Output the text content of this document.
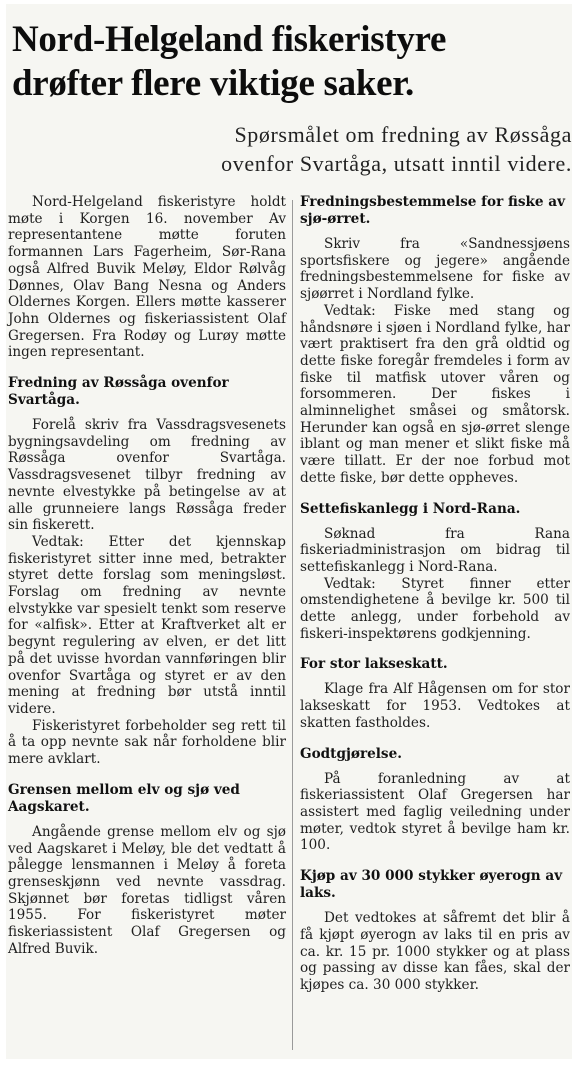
Nord-Helgeland fiskeristyre
drøfter flere viktige saker.
Spørsmålet om fredning av Røssåga
ovenfor Svartåga, utsatt inntil videre.

Nord-Helgeland fiskeristyre holdt møte i Korgen 16. november Av representantene møtte foruten formannen Lars Fagerheim, Sør-Rana også Alfred Buvik Meløy, Eldor Rølvåg Dønnes, Olav Bang Nesna og Anders Oldernes Korgen. Ellers møtte kasserer John Oldernes og fiskeriassistent Olaf Gregersen. Fra Rodøy og Lurøy møtte ingen representant.

Fredning av Røssåga ovenfor Svartåga.

Forelå skriv fra Vassdragsvesenets bygningsavdeling om fredning av Røssåga ovenfor Svartåga. Vassdragsvesenet tilbyr fredning av nevnte elvestykke på betingelse av at alle grunneiere langs Røssåga freder sin fiskerett.

Vedtak: Etter det kjennskap fiskeristyret sitter inne med, betrakter styret dette forslag som meningsløst. Forslag om fredning av nevnte elvstykke var spesielt tenkt som reserve for «alfisk». Etter at Kraftverket alt er begynt regulering av elven, er det litt på det uvisse hvordan vannføringen blir ovenfor Svartåga og styret er av den mening at fredning bør utstå inntil videre.

Fiskeristyret forbeholder seg rett til å ta opp nevnte sak når forholdene blir mere avklart.

Grensen mellom elv og sjø ved Aagskaret.

Angående grense mellom elv og sjø ved Aagskaret i Meløy, ble det vedtatt å pålegge lensmannen i Meløy å foreta grenseskjønn ved nevnte vassdrag. Skjønnet bør foretas tidligst våren 1955. For fiskeristyret møter fiskeriassistent Olaf Gregersen og Alfred Buvik.

Fredningsbestemmelse for fiske av sjø-ørret.

Skriv fra «Sandnessjøens sportsfiskere og jegere» angående fredningsbestemmelsene for fiske av sjøørret i Nordland fylke.

Vedtak: Fiske med stang og håndsnøre i sjøen i Nordland fylke, har vært praktisert fra den grå oldtid og dette fiske foregår fremdeles i form av fiske til matfisk utover våren og forsommeren. Der fiskes i alminnelighet småsei og småtorsk. Herunder kan også en sjø-ørret slenge iblant og man mener et slikt fiske må være tillatt. Er der noe forbud mot dette fiske, bør dette oppheves.

Settefiskanlegg i Nord-Rana.

Søknad fra Rana fiskeriadministrasjon om bidrag til settefiskanlegg i Nord-Rana.

Vedtak: Styret finner etter omstendighetene å bevilge kr. 500 til dette anlegg, under forbehold av fiskeri-inspektørens godkjenning.

For stor lakseskatt.

Klage fra Alf Hågensen om for stor lakseskatt for 1953. Vedtokes at skatten fastholdes.

Godtgjørelse.

På foranledning av at fiskeriassistent Olaf Gregersen har assistert med faglig veiledning under møter, vedtok styret å bevilge ham kr. 100.

Kjøp av 30 000 stykker øyerogn av laks.

Det vedtokes at såfremt det blir å få kjøpt øyerogn av laks til en pris av ca. kr. 15 pr. 1000 stykker og at plass og passing av disse kan fåes, skal der kjøpes ca. 30 000 stykker.
